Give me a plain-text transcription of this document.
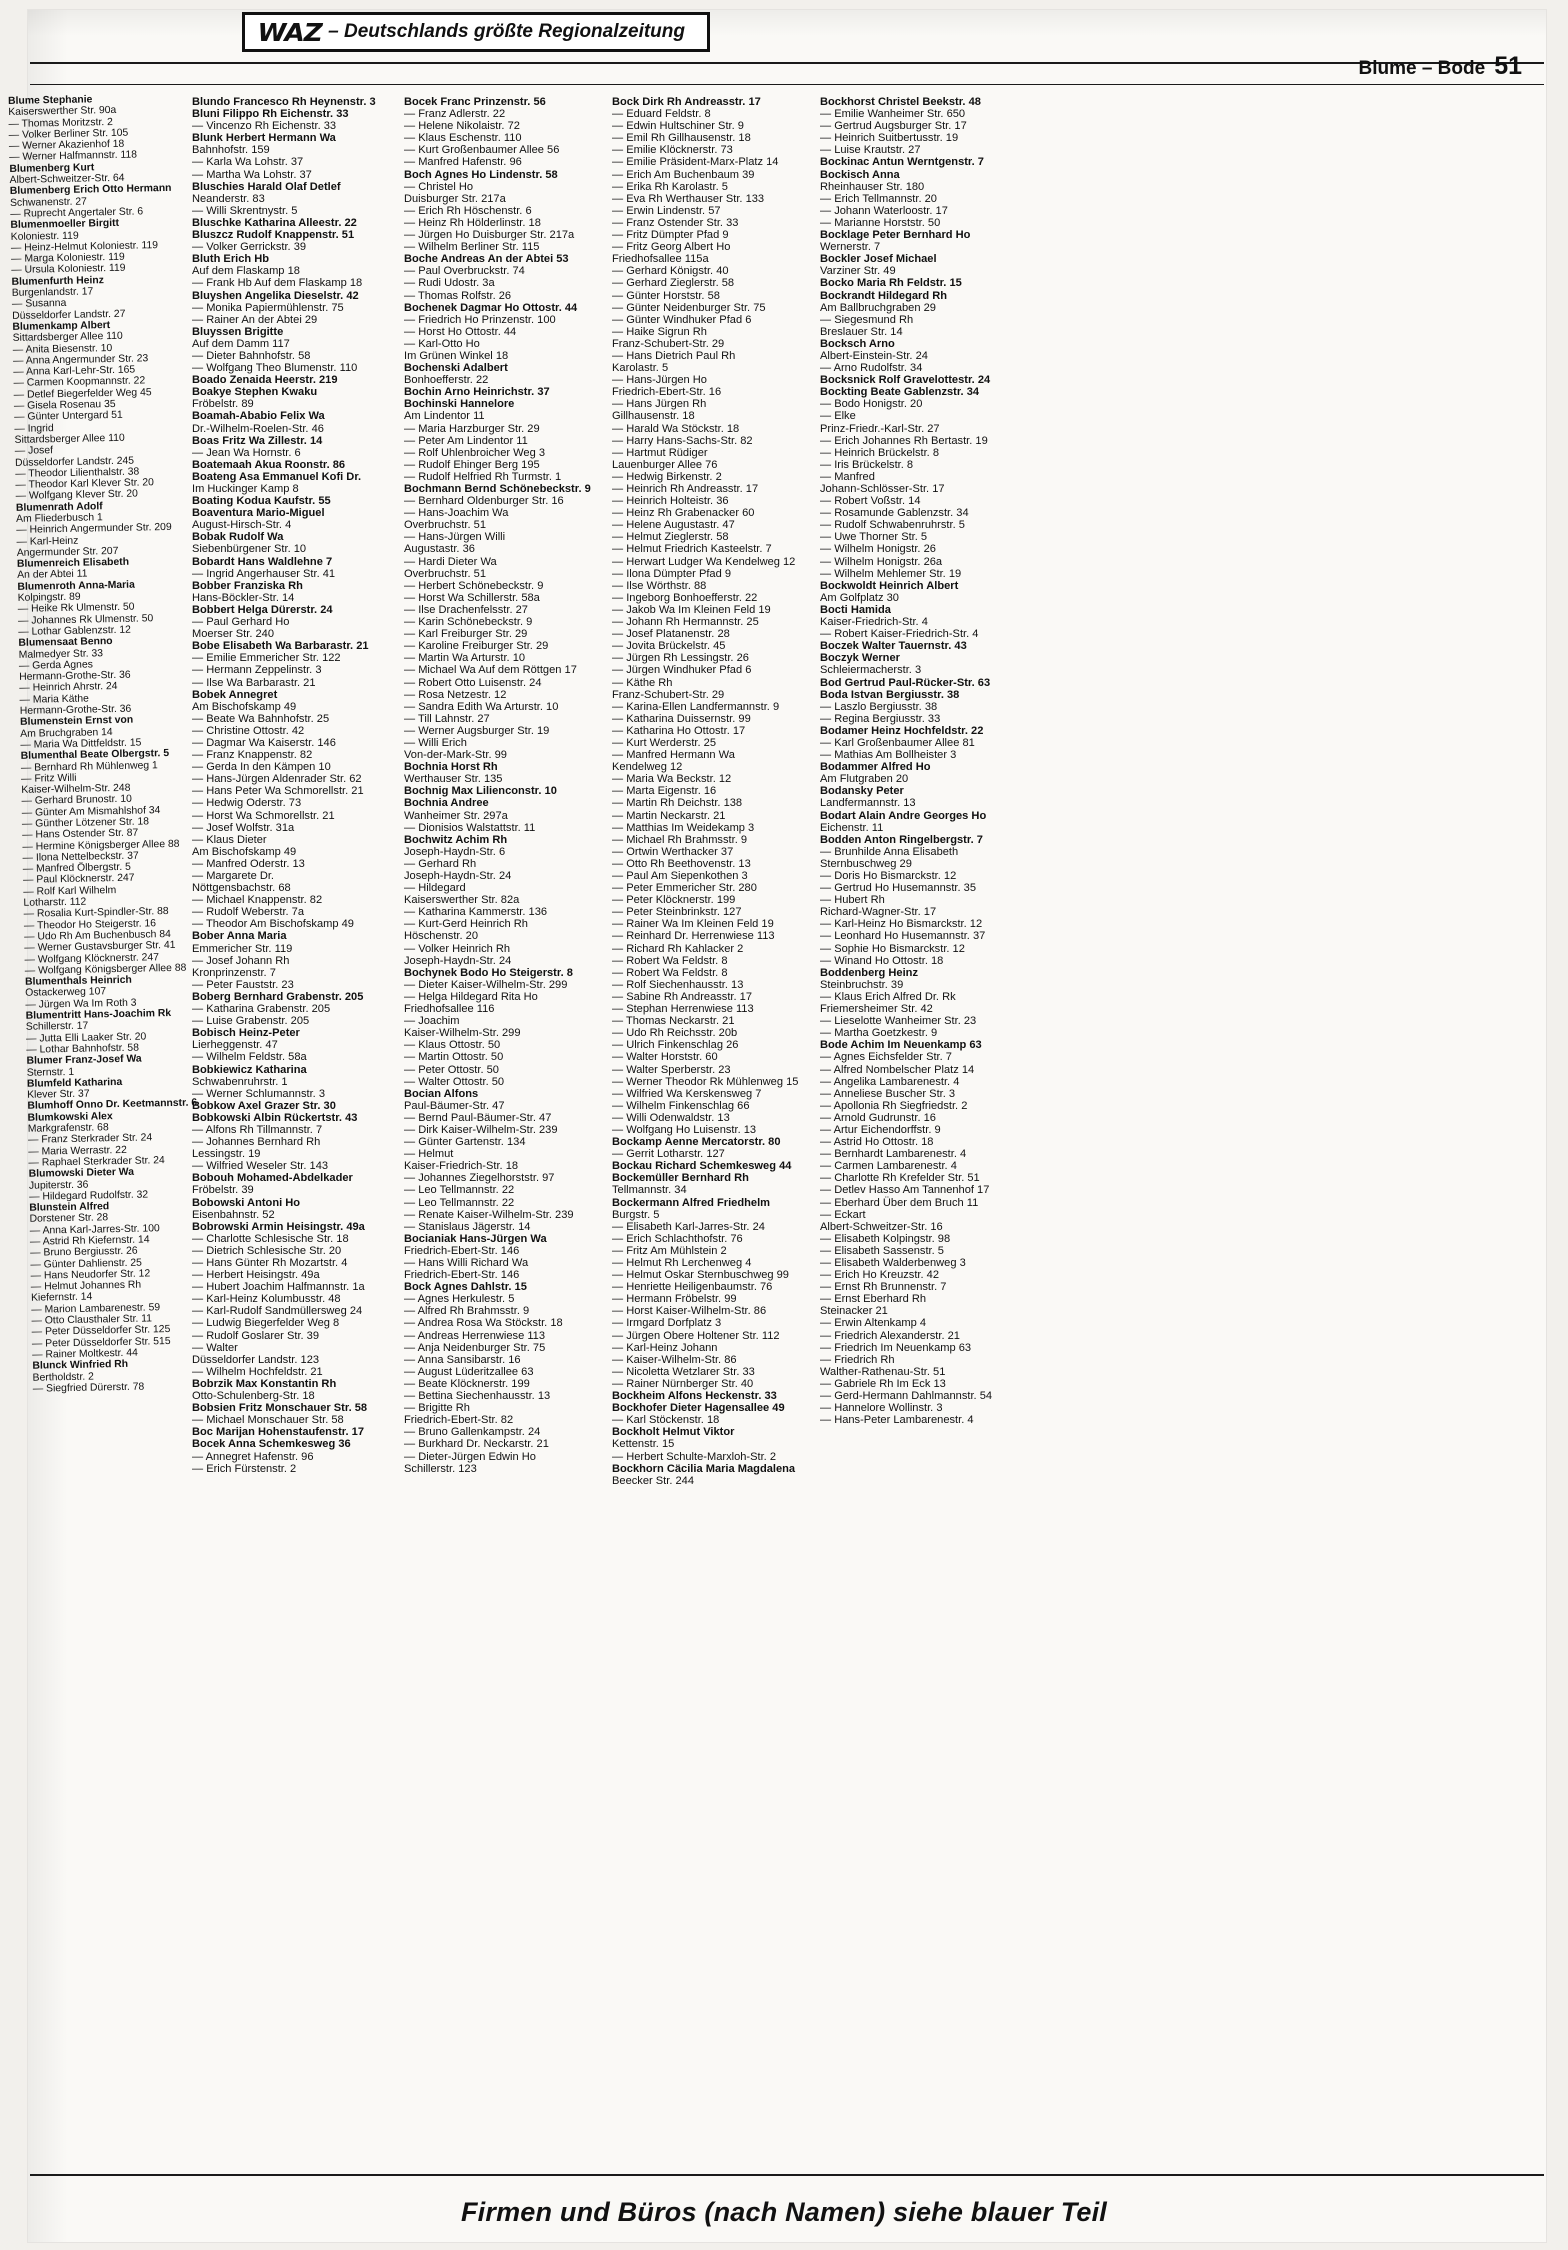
WAZ – Deutschlands größte Regionalzeitung
Blume – Bode 51
Blume Stephanie
Kaiserswerther Str. 90a
— Thomas Moritzstr. 2
— Volker Berliner Str. 105
— Werner Akazienhof 18
— Werner Halfmannstr. 118
Blumenberg Kurt
Albert-Schweitzer-Str. 64
Blumenberg Erich Otto Hermann
Schwanenstr. 27
— Ruprecht Angertaler Str. 6
Blumenmoeller Birgitt
Koloniestr. 119
— Heinz-Helmut Koloniestr. 119
— Marga Koloniestr. 119
— Ursula Koloniestr. 119
Blumenfurth Heinz
Burgenlandstr. 17
— Susanna
Düsseldorfer Landstr. 27
Blumenkamp Albert
Sittardsberger Allee 110
— Anita Biesenstr. 10
— Anna Angermunder Str. 23
— Anna Karl-Lehr-Str. 165
— Carmen Koopmannstr. 22
— Detlef Biegerfelder Weg 45
— Gisela Rosenau 35
— Günter Untergard 51
— Ingrid
Sittardsberger Allee 110
— Josef
Düsseldorfer Landstr. 245
— Theodor Lilienthalstr. 38
— Theodor Karl Klever Str. 20
— Wolfgang Klever Str. 20
Blumenrath Adolf
Am Fliederbusch 1
— Heinrich Angermunder Str. 209
— Karl-Heinz
Angermunder Str. 207
Blumenreich Elisabeth
An der Abtei 11
Blumenroth Anna-Maria
Kolpingstr. 89
— Heike Rk Ulmenstr. 50
— Johannes Rk Ulmenstr. 50
— Lothar Gablenzstr. 12
Blumensaat Benno
Malmedyer Str. 33
— Gerda Agnes
Hermann-Grothe-Str. 36
— Heinrich Ahrstr. 24
— Maria Käthe
Hermann-Grothe-Str. 36
Blumenstein Ernst von
Am Bruchgraben 14
— Maria Wa Dittfeldstr. 15
Blumenthal Beate Olbergstr. 5
— Bernhard Rh Mühlenweg 1
— Fritz Willi
Kaiser-Wilhelm-Str. 248
— Gerhard Brunostr. 10
— Günter Am Mismahlshof 34
— Günther Lötzener Str. 18
— Hans Ostender Str. 87
— Hermine Königsberger Allee 88
— Ilona Nettelbeckstr. 37
— Manfred Ölbergstr. 5
— Paul Klöcknerstr. 247
— Rolf Karl Wilhelm
Lotharstr. 112
— Rosalia Kurt-Spindler-Str. 88
— Theodor Ho Steigerstr. 16
— Udo Rh Am Buchenbusch 84
— Werner Gustavsburger Str. 41
— Wolfgang Klöcknerstr. 247
— Wolfgang Königsberger Allee 88
Blumenthals Heinrich
Ostackerweg 107
— Jürgen Wa Im Roth 3
Blumentritt Hans-Joachim Rk
Schillerstr. 17
— Jutta Elli Laaker Str. 20
— Lothar Bahnhofstr. 58
Blumer Franz-Josef Wa
Sternstr. 1
Blumfeld Katharina
Klever Str. 37
Blumhoff Onno Dr. Keetmannstr. 6
Blumkowski Alex
Markgrafenstr. 68
— Franz Sterkrader Str. 24
— Maria Werrastr. 22
— Raphael Sterkrader Str. 24
Blumowski Dieter Wa
Jupiterstr. 36
— Hildegard Rudolfstr. 32
Blunstein Alfred
Dorstener Str. 28
— Anna Karl-Jarres-Str. 100
— Astrid Rh Kiefernstr. 14
— Bruno Bergiusstr. 26
— Günter Dahlienstr. 25
— Hans Neudorfer Str. 12
— Helmut Johannes Rh
Kiefernstr. 14
— Marion Lambarenestr. 59
— Otto Clausthaler Str. 11
— Peter Düsseldorfer Str. 125
— Peter Düsseldorfer Str. 515
— Rainer Moltkestr. 44
Blunck Winfried Rh
Bertholdstr. 2
— Siegfried Dürerstr. 78
Blundo Francesco Rh Heynenstr. 3
Bluni Filippo Rh Eichenstr. 33
— Vincenzo Rh Eichenstr. 33
Blunk Herbert Hermann Wa
Bahnhofstr. 159
— Karla Wa Lohstr. 37
— Martha Wa Lohstr. 37
Bluschies Harald Olaf Detlef
Neanderstr. 83
— Willi Skrentnystr. 5
Bluschke Katharina Alleestr. 22
Bluszcz Rudolf Knappenstr. 51
— Volker Gerrickstr. 39
Bluth Erich Hb
Auf dem Flaskamp 18
— Frank Hb Auf dem Flaskamp 18
Bluyshen Angelika Dieselstr. 42
— Monika Papiermühlenstr. 75
— Rainer An der Abtei 29
Bluyssen Brigitte
Auf dem Damm 117
— Dieter Bahnhofstr. 58
— Wolfgang Theo Blumenstr. 110
Boado Zenaida Heerstr. 219
Boakye Stephen Kwaku
Fröbelstr. 89
Boamah-Ababio Felix Wa
Dr.-Wilhelm-Roelen-Str. 46
Boas Fritz Wa Zillestr. 14
— Jean Wa Hornstr. 6
Boatemaah Akua Roonstr. 86
Boateng Asa Emmanuel Kofi Dr.
Im Huckinger Kamp 8
Boating Kodua Kaufstr. 55
Boaventura Mario-Miguel
August-Hirsch-Str. 4
Bobak Rudolf Wa
Siebenbürgener Str. 10
Bobardt Hans Waldlehne 7
— Ingrid Angerhauser Str. 41
Bobber Franziska Rh
Hans-Böckler-Str. 14
Bobbert Helga Dürerstr. 24
— Paul Gerhard Ho
Moerser Str. 240
Bobe Elisabeth Wa Barbarastr. 21
— Emilie Emmericher Str. 122
— Hermann Zeppelinstr. 3
— Ilse Wa Barbarastr. 21
Bobek Annegret
Am Bischofskamp 49
— Beate Wa Bahnhofstr. 25
— Christine Ottostr. 42
— Dagmar Wa Kaiserstr. 146
— Franz Knappenstr. 82
— Gerda In den Kämpen 10
— Hans-Jürgen Aldenrader Str. 62
— Hans Peter Wa Schmorellstr. 21
— Hedwig Oderstr. 73
— Horst Wa Schmorellstr. 21
— Josef Wolfstr. 31a
— Klaus Dieter
Am Bischofskamp 49
— Manfred Oderstr. 13
— Margarete Dr.
Nöttgensbachstr. 68
— Michael Knappenstr. 82
— Rudolf Weberstr. 7a
— Theodor Am Bischofskamp 49
Bober Anna Maria
Emmericher Str. 119
— Josef Johann Rh
Kronprinzenstr. 7
— Peter Fauststr. 23
Boberg Bernhard Grabenstr. 205
— Katharina Grabenstr. 205
— Luise Grabenstr. 205
Bobisch Heinz-Peter
Lierheggenstr. 47
— Wilhelm Feldstr. 58a
Bobkiewicz Katharina
Schwabenruhrstr. 1
— Werner Schlumannstr. 3
Bobkow Axel Grazer Str. 30
Bobkowski Albin Rückertstr. 43
— Alfons Rh Tillmannstr. 7
— Johannes Bernhard Rh
Lessingstr. 19
— Wilfried Weseler Str. 143
Bobouh Mohamed-Abdelkader
Fröbelstr. 39
Bobowski Antoni Ho
Eisenbahnstr. 52
Bobrowski Armin Heisingstr. 49a
— Charlotte Schlesische Str. 18
— Dietrich Schlesische Str. 20
— Hans Günter Rh Mozartstr. 4
— Herbert Heisingstr. 49a
— Hubert Joachim Halfmannstr. 1a
— Karl-Heinz Kolumbusstr. 48
— Karl-Rudolf Sandmüllersweg 24
— Ludwig Biegerfelder Weg 8
— Rudolf Goslarer Str. 39
— Walter
Düsseldorfer Landstr. 123
— Wilhelm Hochfeldstr. 21
Bobrzik Max Konstantin Rh
Otto-Schulenberg-Str. 18
Bobsien Fritz Monschauer Str. 58
— Michael Monschauer Str. 58
Boc Marijan Hohenstaufenstr. 17
Bocek Anna Schemkesweg 36
— Annegret Hafenstr. 96
— Erich Fürstenstr. 2
Bocek Franc Prinzenstr. 56
— Franz Adlerstr. 22
— Helene Nikolaistr. 72
— Klaus Eschenstr. 110
— Kurt Großenbaumer Allee 56
— Manfred Hafenstr. 96
Boch Agnes Ho Lindenstr. 58
— Christel Ho
Duisburger Str. 217a
— Erich Rh Höschenstr. 6
— Heinz Rh Hölderlinstr. 18
— Jürgen Ho Duisburger Str. 217a
— Wilhelm Berliner Str. 115
Boche Andreas An der Abtei 53
— Paul Overbruckstr. 74
— Rudi Udostr. 3a
— Thomas Rolfstr. 26
Bochenek Dagmar Ho Ottostr. 44
— Friedrich Ho Prinzenstr. 100
— Horst Ho Ottostr. 44
— Karl-Otto Ho
Im Grünen Winkel 18
Bochenski Adalbert
Bonhoefferstr. 22
Bochin Arno Heinrichstr. 37
Bochinski Hannelore
Am Lindentor 11
— Maria Harzburger Str. 29
— Peter Am Lindentor 11
— Rolf Uhlenbroicher Weg 3
— Rudolf Ehinger Berg 195
— Rudolf Helfried Rh Turmstr. 1
Bochmann Bernd Schönebeckstr. 9
— Bernhard Oldenburger Str. 16
— Hans-Joachim Wa
Overbruchstr. 51
— Hans-Jürgen Willi
Augustastr. 36
— Hardi Dieter Wa
Overbruchstr. 51
— Herbert Schönebeckstr. 9
— Horst Wa Schillerstr. 58a
— Ilse Drachenfelsstr. 27
— Karin Schönebeckstr. 9
— Karl Freiburger Str. 29
— Karoline Freiburger Str. 29
— Martin Wa Arturstr. 10
— Michael Wa Auf dem Röttgen 17
— Robert Otto Luisenstr. 24
— Rosa Netzestr. 12
— Sandra Edith Wa Arturstr. 10
— Till Lahnstr. 27
— Werner Augsburger Str. 19
— Willi Erich
Von-der-Mark-Str. 99
Bochnia Horst Rh
Werthauser Str. 135
Bochnig Max Lilienconstr. 10
Bochnia Andree
Wanheimer Str. 297a
— Dionisios Walstattstr. 11
Bochwitz Achim Rh
Joseph-Haydn-Str. 6
— Gerhard Rh
Joseph-Haydn-Str. 24
— Hildegard
Kaiserswerther Str. 82a
— Katharina Kammerstr. 136
— Kurt-Gerd Heinrich Rh
Höschenstr. 20
— Volker Heinrich Rh
Joseph-Haydn-Str. 24
Bochynek Bodo Ho Steigerstr. 8
— Dieter Kaiser-Wilhelm-Str. 299
— Helga Hildegard Rita Ho
Friedhofsallee 116
— Joachim
Kaiser-Wilhelm-Str. 299
— Klaus Ottostr. 50
— Martin Ottostr. 50
— Peter Ottostr. 50
— Walter Ottostr. 50
Bocian Alfons
Paul-Bäumer-Str. 47
— Bernd Paul-Bäumer-Str. 47
— Dirk Kaiser-Wilhelm-Str. 239
— Günter Gartenstr. 134
— Helmut
Kaiser-Friedrich-Str. 18
— Johannes Ziegelhorststr. 97
— Leo Tellmannstr. 22
— Leo Tellmannstr. 22
— Renate Kaiser-Wilhelm-Str. 239
— Stanislaus Jägerstr. 14
Bocianiak Hans-Jürgen Wa
Friedrich-Ebert-Str. 146
— Hans Willi Richard Wa
Friedrich-Ebert-Str. 146
Bock Agnes Dahlstr. 15
— Agnes Herkulestr. 5
— Alfred Rh Brahmsstr. 9
— Andrea Rosa Wa Stöckstr. 18
— Andreas Herrenwiese 113
— Anja Neidenburger Str. 75
— Anna Sansibarstr. 16
— August Lüderitzallee 63
— Beate Klöcknerstr. 199
— Bettina Siechenhausstr. 13
— Brigitte Rh
Friedrich-Ebert-Str. 82
— Bruno Gallenkampstr. 24
— Burkhard Dr. Neckarstr. 21
— Dieter-Jürgen Edwin Ho
Schillerstr. 123
Bock Dirk Rh Andreasstr. 17
— Eduard Feldstr. 8
— Edwin Hultschiner Str. 9
— Emil Rh Gillhausenstr. 18
— Emilie Klöcknerstr. 73
— Emilie Präsident-Marx-Platz 14
— Erich Am Buchenbaum 39
— Erika Rh Karolastr. 5
— Eva Rh Werthauser Str. 133
— Erwin Lindenstr. 57
— Franz Ostender Str. 33
— Fritz Dümpter Pfad 9
— Fritz Georg Albert Ho
Friedhofsallee 115a
— Gerhard Königstr. 40
— Gerhard Zieglerstr. 58
— Günter Horststr. 58
— Günter Neidenburger Str. 75
— Günter Windhuker Pfad 6
— Haike Sigrun Rh
Franz-Schubert-Str. 29
— Hans Dietrich Paul Rh
Karolastr. 5
— Hans-Jürgen Ho
Friedrich-Ebert-Str. 16
— Hans Jürgen Rh
Gillhausenstr. 18
— Harald Wa Stöckstr. 18
— Harry Hans-Sachs-Str. 82
— Hartmut Rüdiger
Lauenburger Allee 76
— Hedwig Birkenstr. 2
— Heinrich Rh Andreasstr. 17
— Heinrich Holteistr. 36
— Heinz Rh Grabenacker 60
— Helene Augustastr. 47
— Helmut Zieglerstr. 58
— Helmut Friedrich Kasteelstr. 7
— Herwart Ludger Wa Kendelweg 12
— Ilona Dümpter Pfad 9
— Ilse Wörthstr. 88
— Ingeborg Bonhoefferstr. 22
— Jakob Wa Im Kleinen Feld 19
— Johann Rh Hermannstr. 25
— Josef Platanenstr. 28
— Jovita Brückelstr. 45
— Jürgen Rh Lessingstr. 26
— Jürgen Windhuker Pfad 6
— Käthe Rh
Franz-Schubert-Str. 29
— Karina-Ellen Landfermannstr. 9
— Katharina Duissernstr. 99
— Katharina Ho Ottostr. 17
— Kurt Werderstr. 25
— Manfred Hermann Wa
Kendelweg 12
— Maria Wa Beckstr. 12
— Marta Eigenstr. 16
— Martin Rh Deichstr. 138
— Martin Neckarstr. 21
— Matthias Im Weidekamp 3
— Michael Rh Brahmsstr. 9
— Ortwin Werthacker 37
— Otto Rh Beethovenstr. 13
— Paul Am Siepenkothen 3
— Peter Emmericher Str. 280
— Peter Klöcknerstr. 199
— Peter Steinbrinkstr. 127
— Rainer Wa Im Kleinen Feld 19
— Reinhard Dr. Herrenwiese 113
— Richard Rh Kahlacker 2
— Robert Wa Feldstr. 8
— Robert Wa Feldstr. 8
— Rolf Siechenhausstr. 13
— Sabine Rh Andreasstr. 17
— Stephan Herrenwiese 113
— Thomas Neckarstr. 21
— Udo Rh Reichsstr. 20b
— Ulrich Finkenschlag 26
— Walter Horststr. 60
— Walter Sperberstr. 23
— Werner Theodor Rk Mühlenweg 15
— Wilfried Wa Kerskensweg 7
— Wilhelm Finkenschlag 66
— Willi Odenwaldstr. 13
— Wolfgang Ho Luisenstr. 13
Bockamp Aenne Mercatorstr. 80
— Gerrit Lotharstr. 127
Bockau Richard Schemkesweg 44
Bockemüller Bernhard Rh
Tellmannstr. 34
Bockermann Alfred Friedhelm
Burgstr. 5
— Elisabeth Karl-Jarres-Str. 24
— Erich Schlachthofstr. 76
— Fritz Am Mühlstein 2
— Helmut Rh Lerchenweg 4
— Helmut Oskar Sternbuschweg 99
— Henriette Heiligenbaumstr. 76
— Hermann Fröbelstr. 99
— Horst Kaiser-Wilhelm-Str. 86
— Irmgard Dorfplatz 3
— Jürgen Obere Holtener Str. 112
— Karl-Heinz Johann
— Kaiser-Wilhelm-Str. 86
— Nicoletta Wetzlarer Str. 33
— Rainer Nürnberger Str. 40
Bockheim Alfons Heckenstr. 33
Bockhofer Dieter Hagensallee 49
— Karl Stöckenstr. 18
Bockholt Helmut Viktor
Kettenstr. 15
— Herbert Schulte-Marxloh-Str. 2
Bockhorn Cäcilia Maria Magdalena
Beecker Str. 244
Bockhorst Christel Beekstr. 48
— Emilie Wanheimer Str. 650
— Gertrud Augsburger Str. 17
— Heinrich Suitbertusstr. 19
— Luise Krautstr. 27
Bockinac Antun Werntgenstr. 7
Bockisch Anna
Rheinhauser Str. 180
— Erich Tellmannstr. 20
— Johann Waterloostr. 17
— Marianne Horststr. 50
Bocklage Peter Bernhard Ho
Wernerstr. 7
Bockler Josef Michael
Varziner Str. 49
Bocko Maria Rh Feldstr. 15
Bockrandt Hildegard Rh
Am Ballbruchgraben 29
— Siegesmund Rh
Breslauer Str. 14
Bocksch Arno
Albert-Einstein-Str. 24
— Arno Rudolfstr. 34
Bocksnick Rolf Gravelottestr. 24
Bockting Beate Gablenzstr. 34
— Bodo Honigstr. 20
— Elke
Prinz-Friedr.-Karl-Str. 27
— Erich Johannes Rh Bertastr. 19
— Heinrich Brückelstr. 8
— Iris Brückelstr. 8
— Manfred
Johann-Schlösser-Str. 17
— Robert Voßstr. 14
— Rosamunde Gablenzstr. 34
— Rudolf Schwabenruhrstr. 5
— Uwe Thorner Str. 5
— Wilhelm Honigstr. 26
— Wilhelm Honigstr. 26a
— Wilhelm Mehlemer Str. 19
Bockwoldt Heinrich Albert
Am Golfplatz 30
Bocti Hamida
Kaiser-Friedrich-Str. 4
— Robert Kaiser-Friedrich-Str. 4
Boczek Walter Tauernstr. 43
Boczyk Werner
Schleiermacherstr. 3
Bod Gertrud Paul-Rücker-Str. 63
Boda Istvan Bergiusstr. 38
— Laszlo Bergiusstr. 38
— Regina Bergiusstr. 33
Bodamer Heinz Hochfeldstr. 22
— Karl Großenbaumer Allee 81
— Mathias Am Bollheister 3
Bodammer Alfred Ho
Am Flutgraben 20
Bodansky Peter
Landfermannstr. 13
Bodart Alain Andre Georges Ho
Eichenstr. 11
Bodden Anton Ringelbergstr. 7
— Brunhilde Anna Elisabeth
Sternbuschweg 29
— Doris Ho Bismarckstr. 12
— Gertrud Ho Husemannstr. 35
— Hubert Rh
Richard-Wagner-Str. 17
— Karl-Heinz Ho Bismarckstr. 12
— Leonhard Ho Husemannstr. 37
— Sophie Ho Bismarckstr. 12
— Winand Ho Ottostr. 18
Boddenberg Heinz
Steinbruchstr. 39
— Klaus Erich Alfred Dr. Rk
Friemersheimer Str. 42
— Lieselotte Wanheimer Str. 23
— Martha Goetzkestr. 9
Bode Achim Im Neuenkamp 63
— Agnes Eichsfelder Str. 7
— Alfred Nombelscher Platz 14
— Angelika Lambarenestr. 4
— Anneliese Buscher Str. 3
— Apollonia Rh Siegfriedstr. 2
— Arnold Gudrunstr. 16
— Artur Eichendorffstr. 9
— Astrid Ho Ottostr. 18
— Bernhardt Lambarenestr. 4
— Carmen Lambarenestr. 4
— Charlotte Rh Krefelder Str. 51
— Detlev Hasso Am Tannenhof 17
— Eberhard Über dem Bruch 11
— Eckart
Albert-Schweitzer-Str. 16
— Elisabeth Kolpingstr. 98
— Elisabeth Sassenstr. 5
— Elisabeth Walderbenweg 3
— Erich Ho Kreuzstr. 42
— Ernst Rh Brunnenstr. 7
— Ernst Eberhard Rh
Steinacker 21
— Erwin Altenkamp 4
— Friedrich Alexanderstr. 21
— Friedrich Im Neuenkamp 63
— Friedrich Rh
Walther-Rathenau-Str. 51
— Gabriele Rh Im Eck 13
— Gerd-Hermann Dahlmannstr. 54
— Hannelore Wollinstr. 3
— Hans-Peter Lambarenestr. 4
Firmen und Büros (nach Namen) siehe blauer Teil
